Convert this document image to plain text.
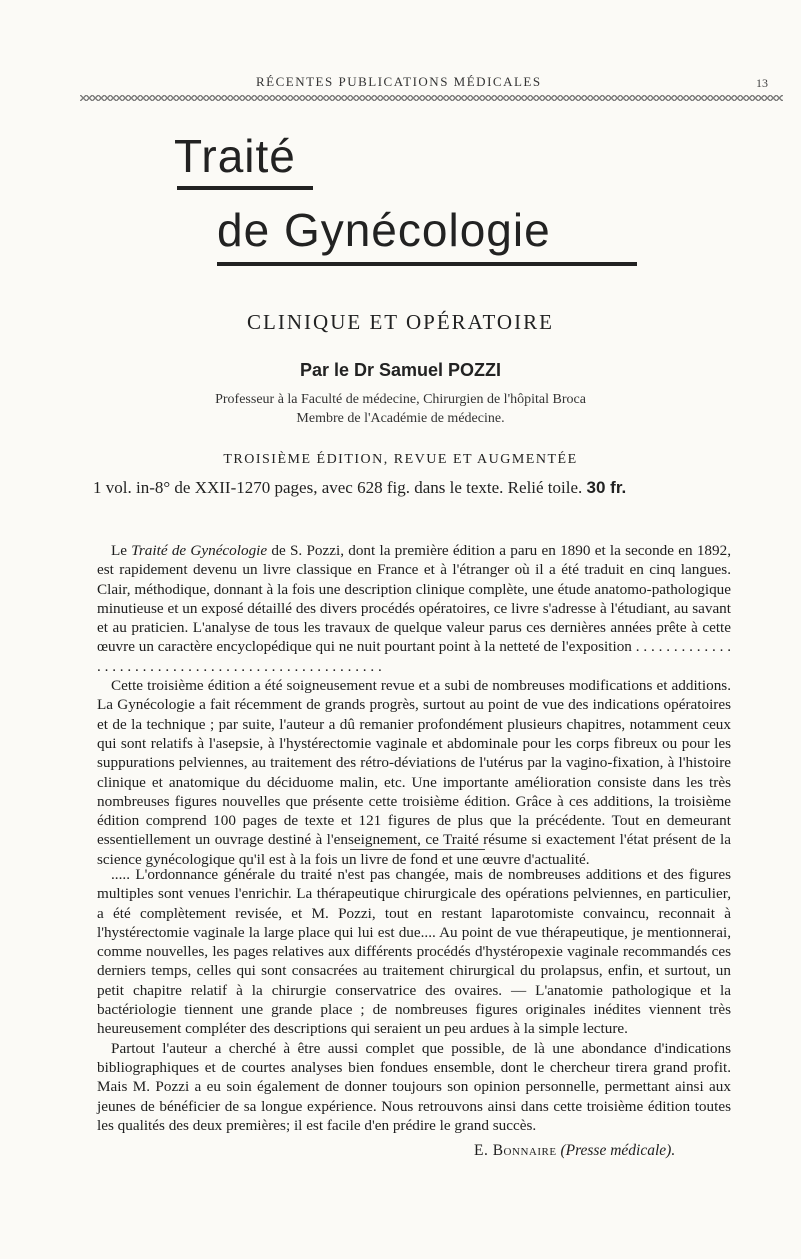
RÉCENTES PUBLICATIONS MÉDICALES	13
Traité
de Gynécologie
CLINIQUE ET OPÉRATOIRE
Par le Dr Samuel POZZI
Professeur à la Faculté de médecine, Chirurgien de l'hôpital Broca
Membre de l'Académie de médecine.
TROISIÈME ÉDITION, REVUE ET AUGMENTÉE
1 vol. in-8° de XXII-1270 pages, avec 628 fig. dans le texte. Relié toile. 30 fr.

Le Traité de Gynécologie de S. Pozzi, dont la première édition a paru en 1890 et la seconde en 1892, est rapidement devenu un livre classique en France et à l'étranger où il a été traduit en cinq langues. Clair, méthodique, donnant à la fois une description clinique complète, une étude anatomo-pathologique minutieuse et un exposé détaillé des divers procédés opératoires, ce livre s'adresse à l'étudiant, au savant et au praticien. L'analyse de tous les travaux de quelque valeur parus ces dernières années prête à cette œuvre un caractère encyclopédique qui ne nuit pourtant point à la netteté de l'exposition . . . . . . . . . . . . . . . . . . . . . . . . . . . . . . . . . . . . . . . . . . . . . . . . . . .

Cette troisième édition a été soigneusement revue et a subi de nombreuses modifications et additions. La Gynécologie a fait récemment de grands progrès, surtout au point de vue des indications opératoires et de la technique ; par suite, l'auteur a dû remanier profondément plusieurs chapitres, notamment ceux qui sont relatifs à l'asepsie, à l'hystérectomie vaginale et abdominale pour les corps fibreux ou pour les suppurations pelviennes, au traitement des rétro-déviations de l'utérus par la vagino-fixation, à l'histoire clinique et anatomique du déciduome malin, etc. Une importante amélioration consiste dans les très nombreuses figures nouvelles que présente cette troisième édition. Grâce à ces additions, la troisième édition comprend 100 pages de texte et 121 figures de plus que la précédente. Tout en demeurant essentiellement un ouvrage destiné à l'enseignement, ce Traité résume si exactement l'état présent de la science gynécologique qu'il est à la fois un livre de fond et une œuvre d'actualité.

..... L'ordonnance générale du traité n'est pas changée, mais de nombreuses additions et des figures multiples sont venues l'enrichir. La thérapeutique chirurgicale des opérations pelviennes, en particulier, a été complètement revisée, et M. Pozzi, tout en restant laparotomiste convaincu, reconnait à l'hystérectomie vaginale la large place qui lui est due.... Au point de vue thérapeutique, je mentionnerai, comme nouvelles, les pages relatives aux différents procédés d'hystéropexie vaginale recommandés ces derniers temps, celles qui sont consacrées au traitement chirurgical du prolapsus, enfin, et surtout, un petit chapitre relatif à la chirurgie conservatrice des ovaires. — L'anatomie pathologique et la bactériologie tiennent une grande place ; de nombreuses figures originales inédites viennent très heureusement compléter des descriptions qui seraient un peu ardues à la simple lecture.

Partout l'auteur a cherché à être aussi complet que possible, de là une abondance d'indications bibliographiques et de courtes analyses bien fondues ensemble, dont le chercheur tirera grand profit. Mais M. Pozzi a eu soin également de donner toujours son opinion personnelle, permettant ainsi aux jeunes de bénéficier de sa longue expérience. Nous retrouvons ainsi dans cette troisième édition toutes les qualités des deux premières; il est facile d'en prédire le grand succès.

E. Bonnaire (Presse médicale).
